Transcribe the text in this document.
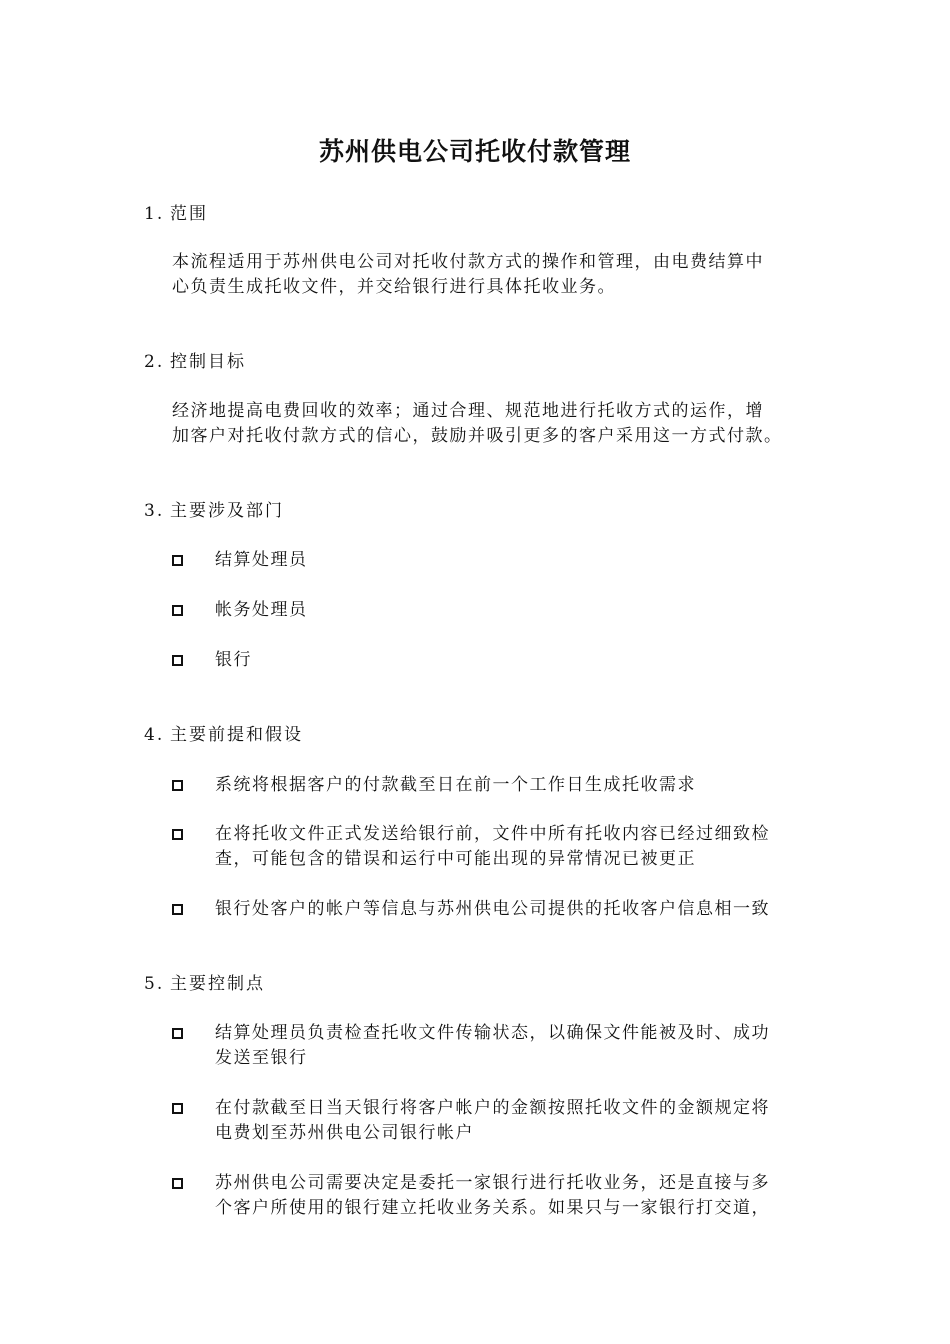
苏州供电公司托收付款管理
1. 范围
本流程适用于苏州供电公司对托收付款方式的操作和管理，由电费结算中
心负责生成托收文件，并交给银行进行具体托收业务。
2. 控制目标
经济地提高电费回收的效率；通过合理、规范地进行托收方式的运作，增
加客户对托收付款方式的信心，鼓励并吸引更多的客户采用这一方式付款。
3. 主要涉及部门
结算处理员
帐务处理员
银行
4. 主要前提和假设
系统将根据客户的付款截至日在前一个工作日生成托收需求
在将托收文件正式发送给银行前，文件中所有托收内容已经过细致检
查，可能包含的错误和运行中可能出现的异常情况已被更正
银行处客户的帐户等信息与苏州供电公司提供的托收客户信息相一致
5. 主要控制点
结算处理员负责检查托收文件传输状态，以确保文件能被及时、成功
发送至银行
在付款截至日当天银行将客户帐户的金额按照托收文件的金额规定将
电费划至苏州供电公司银行帐户
苏州供电公司需要决定是委托一家银行进行托收业务，还是直接与多
个客户所使用的银行建立托收业务关系。如果只与一家银行打交道，
